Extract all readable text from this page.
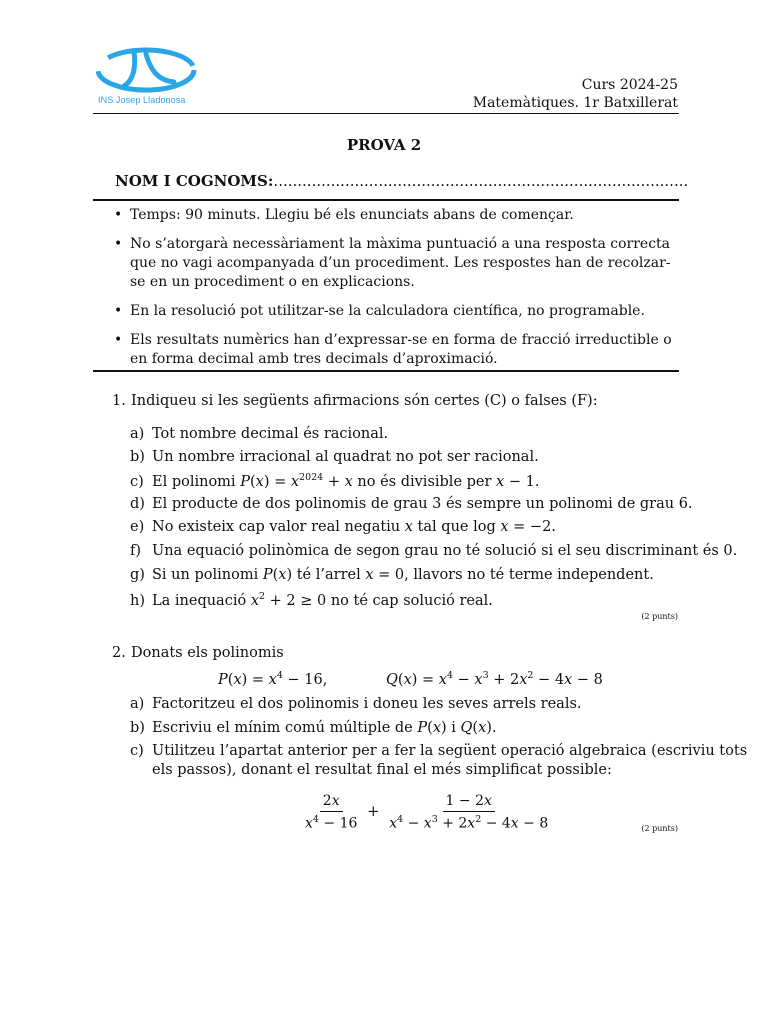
INS Josep Lladonosa
Curs 2024-25
Matemàtiques. 1r Batxillerat
PROVA 2
NOM I COGNOMS:.......................................................................................
• Temps: 90 minuts. Llegiu bé els enunciats abans de començar.
• No s’atorgarà necessàriament la màxima puntuació a una resposta correcta que no vagi acompanyada d’un procediment. Les respostes han de recolzar-se en un procediment o en explicacions.
• En la resolució pot utilitzar-se la calculadora científica, no programable.
• Els resultats numèrics han d’expressar-se en forma de fracció irreductible o en forma decimal amb tres decimals d’aproximació.
1. Indiqueu si les següents afirmacions són certes (C) o falses (F):
a) Tot nombre decimal és racional.
b) Un nombre irracional al quadrat no pot ser racional.
c) El polinomi $P(x) = x^{2024} + x$ no és divisible per x − 1.
d) El producte de dos polinomis de grau 3 és sempre un polinomi de grau 6.
e) No existeix cap valor real negatiu x tal que log x = −2.
f) Una equació polinòmica de segon grau no té solució si el seu discriminant és 0.
g) Si un polinomi P(x) té l’arrel x = 0, llavors no té terme independent.
h) La inequació $x^2 + 2 \ge 0$ no té cap solució real.
(2 punts)
2. Donats els polinomis
$P(x) = x^4 - 16$,	$Q(x) = x^4 - x^3 + 2x^2 - 4x - 8$
a) Factoritzeu el dos polinomis i doneu les seves arrels reals.
b) Escriviu el mínim comú múltiple de P(x) i Q(x).
c) Utilitzeu l’apartat anterior per a fer la següent operació algebraica (escriviu tots
els passos), donant el resultat final el més simplificat possible:
$\frac{2x}{x^4 - 16} + \frac{1 - 2x}{x^4 - x^3 + 2x^2 - 4x - 8}$	(2 punts)
